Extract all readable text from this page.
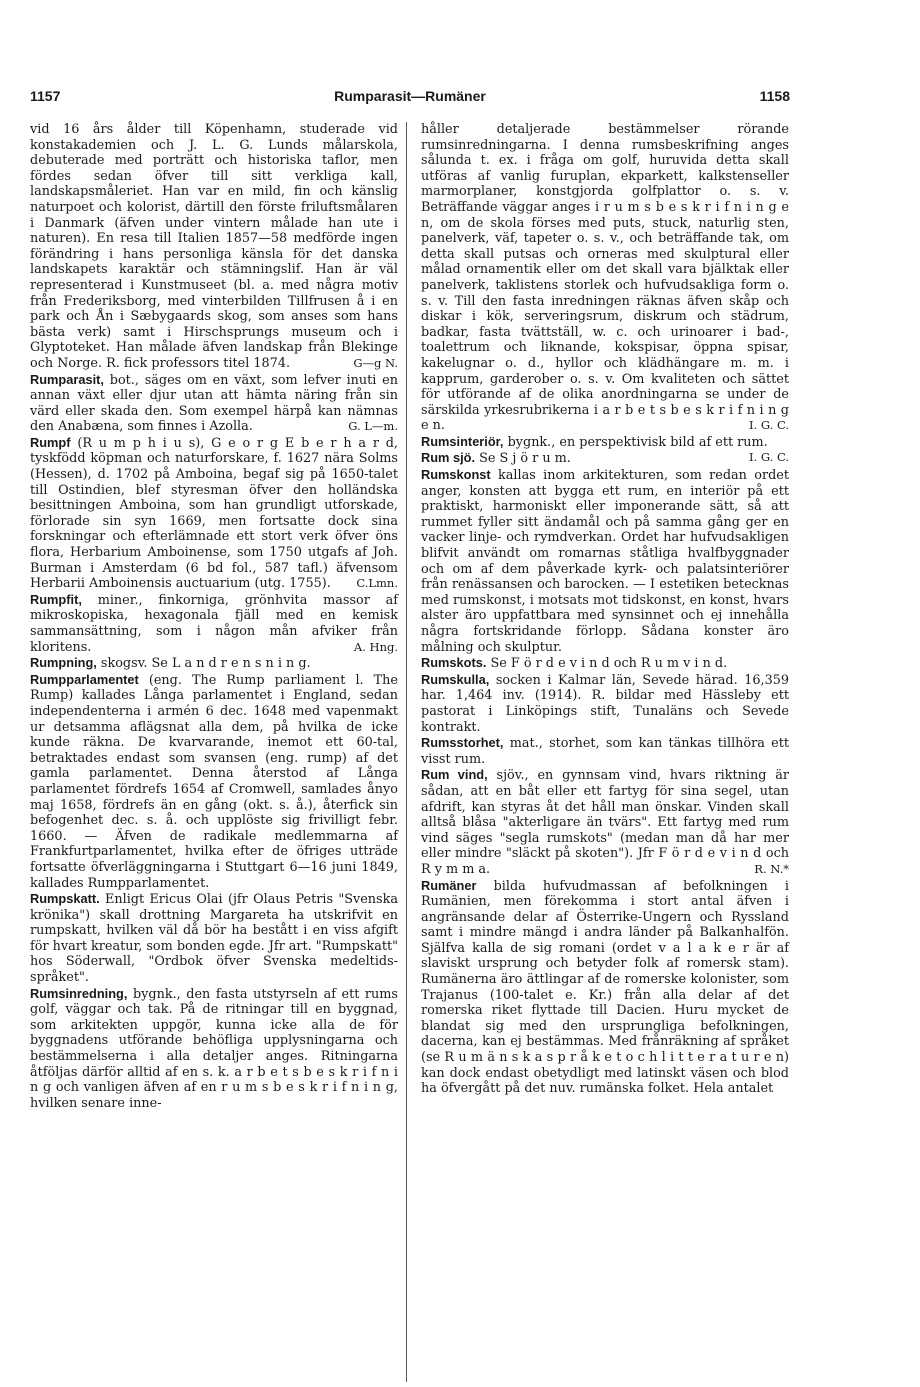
1157	Rumparasit—Rumäner	1158

vid 16 års ålder till Köpenhamn, studerade vid konstakademien och J. L. G. Lunds målarskola, debuterade med porträtt och historiska taflor, men fördes sedan öfver till sitt verkliga kall, landskapsmåleriet. Han var en mild, fin och känslig naturpoet och kolorist, därtill den förste friluftsmålaren i Danmark (äfven under vintern målade han ute i naturen). En resa till Italien 1857—58 medförde ingen förändring i hans personliga känsla för det danska landskapets karaktär och stämningslif. Han är väl representerad i Kunstmuseet (bl. a. med några motiv från Frederiksborg, med vinterbilden Tillfrusen å i en park och Ån i Sæbygaards skog, som anses som hans bästa verk) samt i Hirschsprungs museum och i Glyptoteket. Han målade äfven landskap från Blekinge och Norge. R. fick professors titel 1874.	G—g N.

Rumparasit, bot., säges om en växt, som lefver inuti en annan växt eller djur utan att hämta näring från sin värd eller skada den. Som exempel härpå kan nämnas den Anabæna, som finnes i Azolla.	G. L—m.

Rumpf (R u m p h i u s), G e o r g E b e r h a r d, tyskfödd köpman och naturforskare, f. 1627 nära Solms (Hessen), d. 1702 på Amboina, begaf sig på 1650-talet till Ostindien, blef styresman öfver den holländska besittningen Amboina, som han grundligt utforskade, förlorade sin syn 1669, men fortsatte dock sina forskningar och efterlämnade ett stort verk öfver öns flora, Herbarium Amboinense, som 1750 utgafs af Joh. Burman i Amsterdam (6 bd fol., 587 tafl.) äfvensom Herbarii Amboinensis auctuarium (utg. 1755).	C.Lmn.

Rumpfit, miner., finkorniga, grönhvita massor af mikroskopiska, hexagonala fjäll med en kemisk sammansättning, som i någon mån afviker från kloritens.	A. Hng.

Rumpning, skogsv. Se L a n d r e n s n i n g.

Rumpparlamentet (eng. The Rump parliament l. The Rump) kallades Långa parlamentet i England, sedan independenterna i armén 6 dec. 1648 med vapenmakt ur detsamma aflägsnat alla dem, på hvilka de icke kunde räkna. De kvarvarande, inemot ett 60-tal, betraktades endast som svansen (eng. rump) af det gamla parlamentet. Denna återstod af Långa parlamentet fördrefs 1654 af Cromwell, samlades ånyo maj 1658, fördrefs än en gång (okt. s. å.), återfick sin befogenhet dec. s. å. och upplöste sig frivilligt febr. 1660. — Äfven de radikale medlemmarna af Frankfurtparlamentet, hvilka efter de öfriges utträde fortsatte öfverläggningarna i Stuttgart 6—16 juni 1849, kallades Rumpparlamentet.

Rumpskatt. Enligt Ericus Olai (jfr Olaus Petris "Svenska krönika") skall drottning Margareta ha utskrifvit en rumpskatt, hvilken väl då bör ha bestått i en viss afgift för hvart kreatur, som bonden egde. Jfr art. "Rumpskatt" hos Söderwall, "Ordbok öfver Svenska medeltids-språket".

Rumsinredning, bygnk., den fasta utstyrseln af ett rums golf, väggar och tak. På de ritningar till en byggnad, som arkitekten uppgör, kunna icke alla de för byggnadens utförande behöfliga upplysningarna och bestämmelserna i alla detaljer anges. Ritningarna åtföljas därför alltid af en s. k. a r b e t s b e s k r i f n i n g och vanligen äfven af en r u m s b e s k r i f n i n g, hvilken senare inne-

håller detaljerade bestämmelser rörande rumsinredningarna. I denna rumsbeskrifning anges sålunda t. ex. i fråga om golf, huruvida detta skall utföras af vanlig furuplan, ekparkett, kalkstenseller marmorplaner, konstgjorda golfplattor o. s. v. Beträffande väggar anges i r u m s b e s k r i f n i n g e n, om de skola förses med puts, stuck, naturlig sten, panelverk, väf, tapeter o. s. v., och beträffande tak, om detta skall putsas och orneras med skulptural eller målad ornamentik eller om det skall vara bjälktak eller panelverk, taklistens storlek och hufvudsakliga form o. s. v. Till den fasta inredningen räknas äfven skåp och diskar i kök, serveringsrum, diskrum och städrum, badkar, fasta tvättställ, w. c. och urinoarer i bad-, toalettrum och liknande, kokspisar, öppna spisar, kakelugnar o. d., hyllor och klädhängare m. m. i kapprum, garderober o. s. v. Om kvaliteten och sättet för utförande af de olika anordningarna se under de särskilda yrkesrubrikerna i a r b e t s b e s k r i f n i n g e n.	I. G. C.

Rumsinteriör, bygnk., en perspektivisk bild af ett rum.
I. G. C.

Rum sjö. Se S j ö r u m.

Rumskonst kallas inom arkitekturen, som redan ordet anger, konsten att bygga ett rum, en interiör på ett praktiskt, harmoniskt eller imponerande sätt, så att rummet fyller sitt ändamål och på samma gång ger en vacker linje- och rymdverkan. Ordet har hufvudsakligen blifvit användt om romarnas ståtliga hvalfbyggnader och om af dem påverkade kyrk- och palatsinteriörer från renässansen och barocken. — I estetiken betecknas med rumskonst, i motsats mot tidskonst, en konst, hvars alster äro uppfattbara med synsinnet och ej innehålla några fortskridande förlopp. Sådana konster äro målning och skulptur.

Rumskots. Se F ö r d e v i n d och R u m v i n d.

Rumskulla, socken i Kalmar län, Sevede härad. 16,359 har. 1,464 inv. (1914). R. bildar med Hässleby ett pastorat i Linköpings stift, Tunaläns och Sevede kontrakt.

Rumsstorhet, mat., storhet, som kan tänkas tillhöra ett visst rum.

Rum vind, sjöv., en gynnsam vind, hvars riktning är sådan, att en båt eller ett fartyg för sina segel, utan afdrift, kan styras åt det håll man önskar. Vinden skall alltså blåsa "akterligare än tvärs". Ett fartyg med rum vind säges "segla rumskots" (medan man då har mer eller mindre "släckt på skoten"). Jfr F ö r d e v i n d och R y m m a.	R. N.*

Rumäner bilda hufvudmassan af befolkningen i Rumänien, men förekomma i stort antal äfven i angränsande delar af Österrike-Ungern och Ryssland samt i mindre mängd i andra länder på Balkanhalfön. Själfva kalla de sig romani (ordet v a l a k e r är af slaviskt ursprung och betyder folk af romersk stam). Rumänerna äro ättlingar af de romerske kolonister, som Trajanus (100-talet e. Kr.) från alla delar af det romerska riket flyttade till Dacien. Huru mycket de blandat sig med den ursprungliga befolkningen, dacerna, kan ej bestämmas. Med frånräkning af språket (se R u m ä n s k a s p r å k e t o c h l i t t e r a t u r e n) kan dock endast obetydligt med latinskt väsen och blod ha öfvergått på det nuv. rumänska folket. Hela antalet
